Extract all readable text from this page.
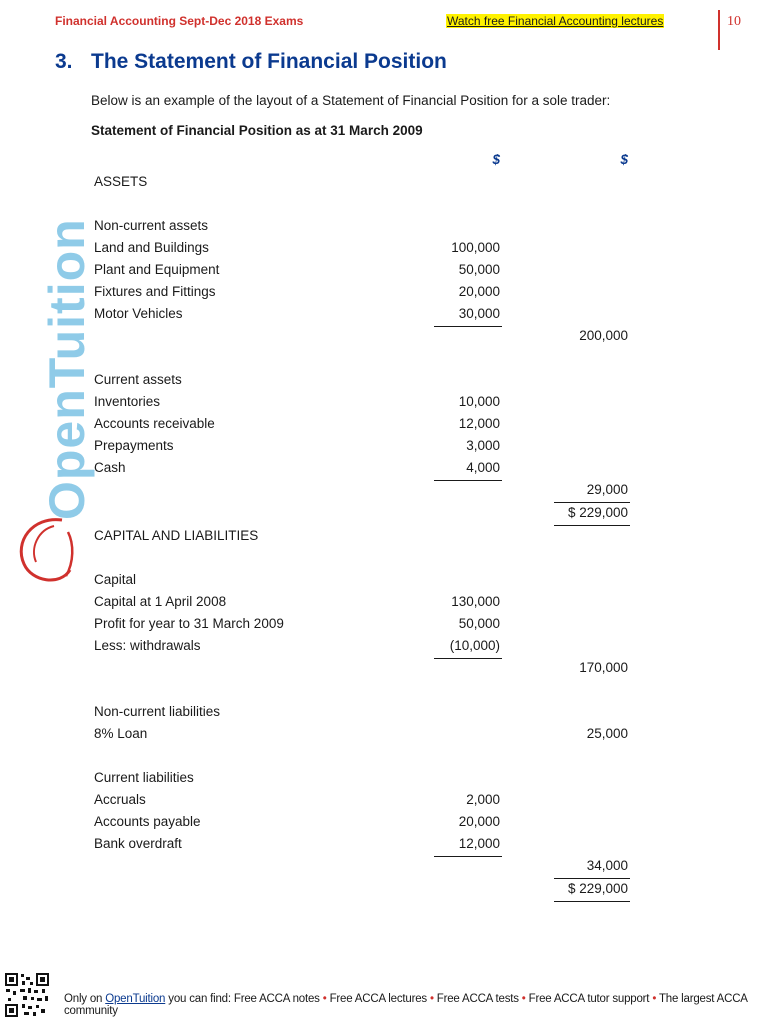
Financial Accounting Sept-Dec 2018 Exams	Watch free Financial Accounting lectures	10
3. The Statement of Financial Position
Below is an example of the layout of a Statement of Financial Position for a sole trader:
Statement of Financial Position as at 31 March 2009
OpenTuition
$	$
ASSETS
Non-current assets
Land and Buildings	100,000
Plant and Equipment	50,000
Fixtures and Fittings	20,000
Motor Vehicles	30,000
200,000
Current assets
Inventories	10,000
Accounts receivable	12,000
Prepayments	3,000
Cash	4,000
29,000
$ 229,000
CAPITAL AND LIABILITIES
Capital
Capital at 1 April 2008	130,000
Profit for year to 31 March 2009	50,000
Less: withdrawals	(10,000)
170,000
Non-current liabilities
8% Loan	25,000
Current liabilities
Accruals	2,000
Accounts payable	20,000
Bank overdraft	12,000
34,000
$ 229,000
Only on OpenTuition you can find: Free ACCA notes • Free ACCA lectures • Free ACCA tests • Free ACCA tutor support • The largest ACCA community
